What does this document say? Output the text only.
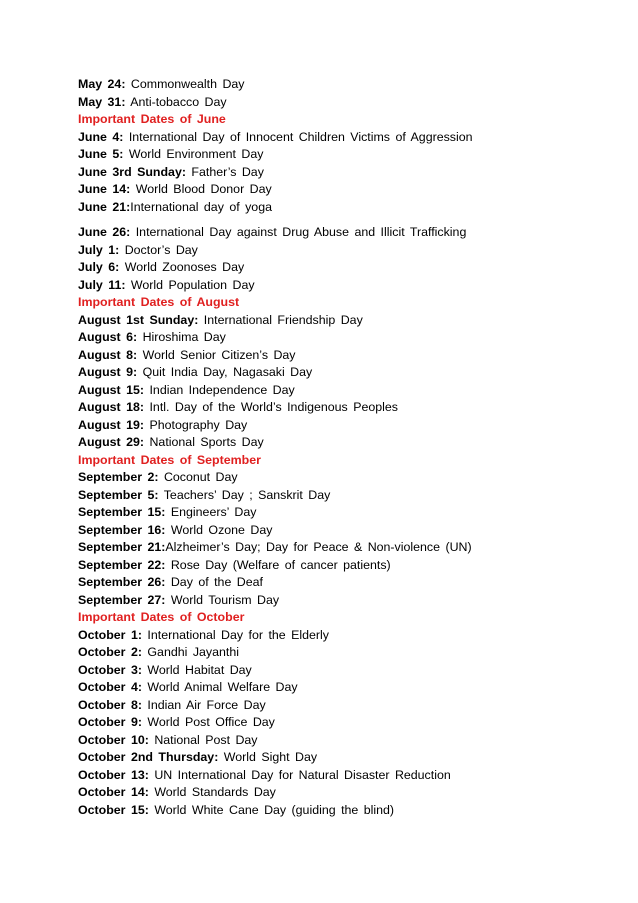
May 24: Commonwealth Day
May 31: Anti-tobacco Day
Important Dates of June
June 4: International Day of Innocent Children Victims of Aggression
June 5: World Environment Day
June 3rd Sunday: Father’s Day
June 14: World Blood Donor Day
June 21:International day of yoga
June 26: International Day against Drug Abuse and Illicit Trafficking
July 1: Doctor’s Day
July 6: World Zoonoses Day
July 11: World Population Day
Important Dates of August
August 1st Sunday: International Friendship Day
August 6: Hiroshima Day
August 8: World Senior Citizen’s Day
August 9: Quit India Day, Nagasaki Day
August 15: Indian Independence Day
August 18: Intl. Day of the World’s Indigenous Peoples
August 19: Photography Day
August 29: National Sports Day
Important Dates of September
September 2: Coconut Day
September 5: Teachers’ Day ; Sanskrit Day
September 15: Engineers’ Day
September 16: World Ozone Day
September 21:Alzheimer’s Day; Day for Peace & Non-violence (UN)
September 22: Rose Day (Welfare of cancer patients)
September 26: Day of the Deaf
September 27: World Tourism Day
Important Dates of October
October 1: International Day for the Elderly
October 2: Gandhi Jayanthi
October 3: World Habitat Day
October 4: World Animal Welfare Day
October 8: Indian Air Force Day
October 9: World Post Office Day
October 10: National Post Day
October 2nd Thursday: World Sight Day
October 13: UN International Day for Natural Disaster Reduction
October 14: World Standards Day
October 15: World White Cane Day (guiding the blind)
